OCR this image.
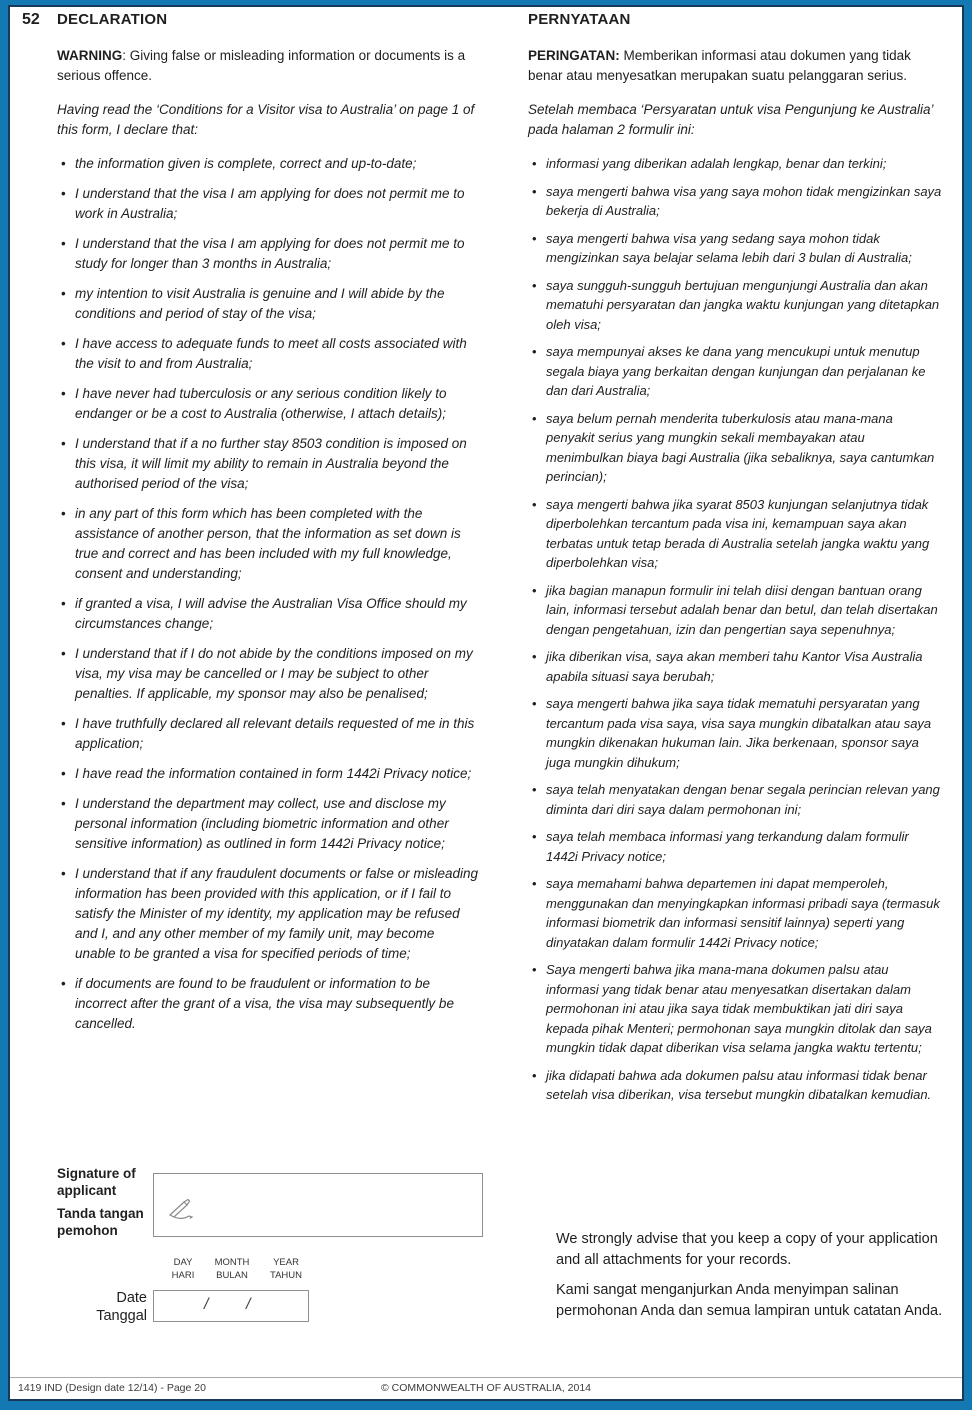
52 DECLARATION

WARNING: Giving false or misleading information or documents is a serious offence.

Having read the ‘Conditions for a Visitor visa to Australia’ on page 1 of this form, I declare that:

• the information given is complete, correct and up-to-date;
• I understand that the visa I am applying for does not permit me to work in Australia;
• I understand that the visa I am applying for does not permit me to study for longer than 3 months in Australia;
• my intention to visit Australia is genuine and I will abide by the conditions and period of stay of the visa;
• I have access to adequate funds to meet all costs associated with the visit to and from Australia;
• I have never had tuberculosis or any serious condition likely to endanger or be a cost to Australia (otherwise, I attach details);
• I understand that if a no further stay 8503 condition is imposed on this visa, it will limit my ability to remain in Australia beyond the authorised period of the visa;
• in any part of this form which has been completed with the assistance of another person, that the information as set down is true and correct and has been included with my full knowledge, consent and understanding;
• if granted a visa, I will advise the Australian Visa Office should my circumstances change;
• I understand that if I do not abide by the conditions imposed on my visa, my visa may be cancelled or I may be subject to other penalties. If applicable, my sponsor may also be penalised;
• I have truthfully declared all relevant details requested of me in this application;
• I have read the information contained in form 1442i Privacy notice;
• I understand the department may collect, use and disclose my personal information (including biometric information and other sensitive information) as outlined in form 1442i Privacy notice;
• I understand that if any fraudulent documents or false or misleading information has been provided with this application, or if I fail to satisfy the Minister of my identity, my application may be refused and I, and any other member of my family unit, may become unable to be granted a visa for specified periods of time;
• if documents are found to be fraudulent or information to be incorrect after the grant of a visa, the visa may subsequently be cancelled.
PERNYATAAN

PERINGATAN: Memberikan informasi atau dokumen yang tidak benar atau menyesatkan merupakan suatu pelanggaran serius.

Setelah membaca ‘Persyaratan untuk visa Pengunjung ke Australia’ pada halaman 2 formulir ini:

• informasi yang diberikan adalah lengkap, benar dan terkini;
• saya mengerti bahwa visa yang saya mohon tidak mengizinkan saya bekerja di Australia;
• saya mengerti bahwa visa yang sedang saya mohon tidak mengizinkan saya belajar selama lebih dari 3 bulan di Australia;
• saya sungguh-sungguh bertujuan mengunjungi Australia dan akan mematuhi persyaratan dan jangka waktu kunjungan yang ditetapkan oleh visa;
• saya mempunyai akses ke dana yang mencukupi untuk menutup segala biaya yang berkaitan dengan kunjungan dan perjalanan ke dan dari Australia;
• saya belum pernah menderita tuberkulosis atau mana-mana penyakit serius yang mungkin sekali membayakan atau menimbulkan biaya bagi Australia (jika sebaliknya, saya cantumkan perincian);
• saya mengerti bahwa jika syarat 8503 kunjungan selanjutnya tidak diperbolehkan tercantum pada visa ini, kemampuan saya akan terbatas untuk tetap berada di Australia setelah jangka waktu yang diperbolehkan visa;
• jika bagian manapun formulir ini telah diisi dengan bantuan orang lain, informasi tersebut adalah benar dan betul, dan telah disertakan dengan pengetahuan, izin dan pengertian saya sepenuhnya;
• jika diberikan visa, saya akan memberi tahu Kantor Visa Australia apabila situasi saya berubah;
• saya mengerti bahwa jika saya tidak mematuhi persyaratan yang tercantum pada visa saya, visa saya mungkin dibatalkan atau saya mungkin dikenakan hukuman lain. Jika berkenaan, sponsor saya juga mungkin dihukum;
• saya telah menyatakan dengan benar segala perincian relevan yang diminta dari diri saya dalam permohonan ini;
• saya telah membaca informasi yang terkandung dalam formulir 1442i Privacy notice;
• saya memahami bahwa departemen ini dapat memperoleh, menggunakan dan menyingkapkan informasi pribadi saya (termasuk informasi biometrik dan informasi sensitif lainnya) seperti yang dinyatakan dalam formulir 1442i Privacy notice;
• Saya mengerti bahwa jika mana-mana dokumen palsu atau informasi yang tidak benar atau menyesatkan disertakan dalam permohonan ini atau jika saya tidak membuktikan jati diri saya kepada pihak Menteri; permohonan saya mungkin ditolak dan saya mungkin tidak dapat diberikan visa selama jangka waktu tertentu;
• jika didapati bahwa ada dokumen palsu atau informasi tidak benar setelah visa diberikan, visa tersebut mungkin dibatalkan kemudian.
Signature of applicant
Tanda tangan pemohon
DAY
HARI
MONTH
BULAN
YEAR
TAHUN
Date
Tanggal
/ /

We strongly advise that you keep a copy of your application and all attachments for your records.

Kami sangat menganjurkan Anda menyimpan salinan permohonan Anda dan semua lampiran untuk catatan Anda.

© COMMONWEALTH OF AUSTRALIA, 2014
1419 IND (Design date 12/14) - Page 20
